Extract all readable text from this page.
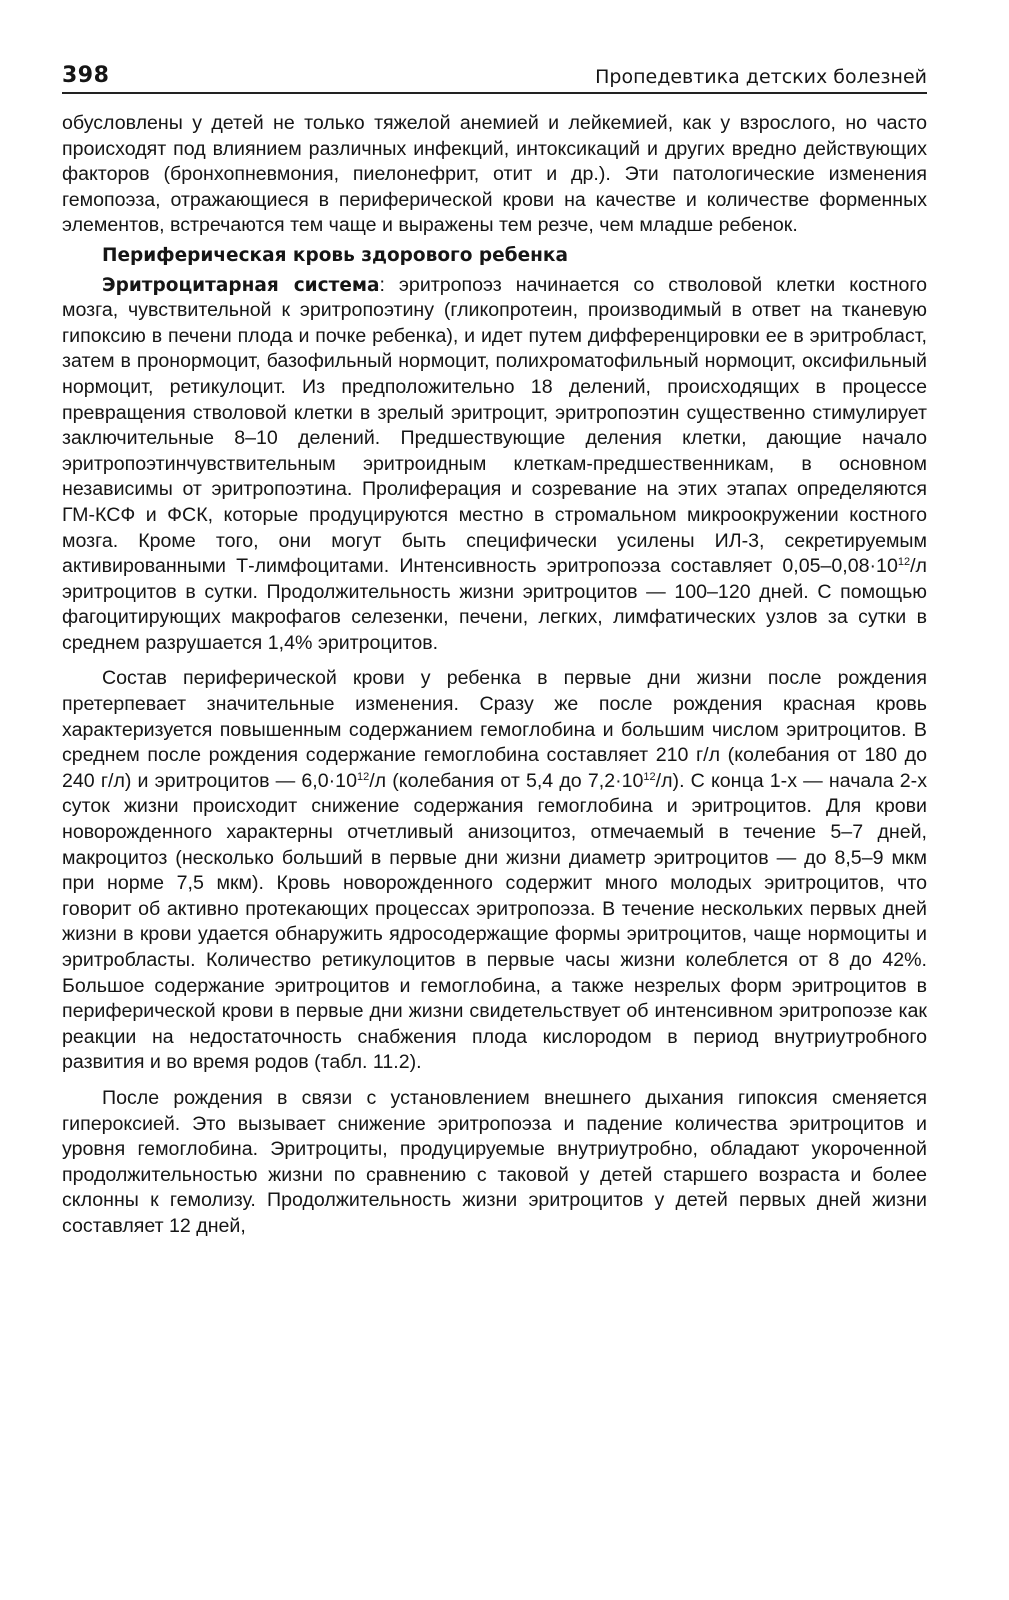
398	Пропедевтика детских болезней

обусловлены у детей не только тяжелой анемией и лейкемией, как у взрослого, но часто происходят под влиянием различных инфекций, интоксикаций и других вредно действующих факторов (бронхопневмония, пиелонефрит, отит и др.). Эти патологические изменения гемопоэза, отражающиеся в периферической крови на качестве и количестве форменных элементов, встречаются тем чаще и выражены тем резче, чем младше ребенок.

Периферическая кровь здорового ребенка

Эритроцитарная система: эритропоэз начинается со стволовой клетки костного мозга, чувствительной к эритропоэтину (гликопротеин, производимый в ответ на тканевую гипоксию в печени плода и почке ребенка), и идет путем дифференцировки ее в эритробласт, затем в пронормоцит, базофильный нормоцит, полихроматофильный нормоцит, оксифильный нормоцит, ретикулоцит. Из предположительно 18 делений, происходящих в процессе превращения стволовой клетки в зрелый эритроцит, эритропоэтин существенно стимулирует заключительные 8–10 делений. Предшествующие деления клетки, дающие начало эритропоэтинчувствительным эритроидным клеткам-предшественникам, в основном независимы от эритропоэтина. Пролиферация и созревание на этих этапах определяются ГМ-КСФ и ФСК, которые продуцируются местно в стромальном микроокружении костного мозга. Кроме того, они могут быть специфически усилены ИЛ-3, секретируемым активированными Т-лимфоцитами. Интенсивность эритропоэза составляет $0,05-0,08\cdot 10^{12}/л$ эритроцитов в сутки. Продолжительность жизни эритроцитов — 100–120 дней. С помощью фагоцитирующих макрофагов селезенки, печени, легких, лимфатических узлов за сутки в среднем разрушается 1,4% эритроцитов.

Состав периферической крови у ребенка в первые дни жизни после рождения претерпевает значительные изменения. Сразу же после рождения красная кровь характеризуется повышенным содержанием гемоглобина и большим числом эритроцитов. В среднем после рождения содержание гемоглобина составляет 210 г/л (колебания от 180 до 240 г/л) и эритроцитов — $6,0\cdot 10^{12}/л$ (колебания от 5,4 до $7,2\cdot 10^{12}/л$). С конца 1-х — начала 2-х суток жизни происходит снижение содержания гемоглобина и эритроцитов. Для крови новорожденного характерны отчетливый анизоцитоз, отмечаемый в течение 5–7 дней, макроцитоз (несколько больший в первые дни жизни диаметр эритроцитов — до 8,5–9 мкм при норме 7,5 мкм). Кровь новорожденного содержит много молодых эритроцитов, что говорит об активно протекающих процессах эритропоэза. В течение нескольких первых дней жизни в крови удается обнаружить ядросодержащие формы эритроцитов, чаще нормоциты и эритробласты. Количество ретикулоцитов в первые часы жизни колеблется от 8 до 42%. Большое содержание эритроцитов и гемоглобина, а также незрелых форм эритроцитов в периферической крови в первые дни жизни свидетельствует об интенсивном эритропоэзе как реакции на недостаточность снабжения плода кислородом в период внутриутробного развития и во время родов (табл. 11.2).

После рождения в связи с установлением внешнего дыхания гипоксия сменяется гипероксией. Это вызывает снижение эритропоэза и падение количества эритроцитов и уровня гемоглобина. Эритроциты, продуцируемые внутриутробно, обладают укороченной продолжительностью жизни по сравнению с таковой у детей старшего возраста и более склонны к гемолизу. Продолжительность жизни эритроцитов у детей первых дней жизни составляет 12 дней,
